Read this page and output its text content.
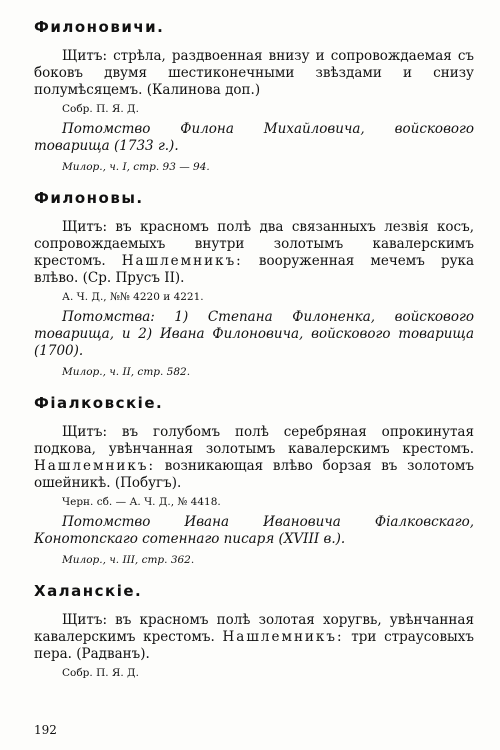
Филоновичи.

Щитъ: стрѣла, раздвоенная внизу и сопровождаемая съ боковъ двумя шестиконечными звѣздами и снизу полумѣсяцемъ. (Калинова доп.)

Собр. П. Я. Д.

Потомство Филона Михайловича, войскового товарища (1733 г.).

Милор., ч. I, стр. 93 — 94.
Филоновы.

Щитъ: въ красномъ полѣ два связанныхъ лезвія косъ, сопровождаемыхъ внутри золотымъ кавалерскимъ крестомъ. Нашлемникъ: вооруженная мечемъ рука влѣво. (Ср. Прусъ II).

А. Ч. Д., №№ 4220 и 4221.

Потомства: 1) Степана Филоненка, войскового товарища, и 2) Ивана Филоновича, войскового товарища (1700).

Милор., ч. II, стр. 582.
Фіалковскіе.

Щитъ: въ голубомъ полѣ серебряная опрокинутая подкова, увѣнчанная золотымъ кавалерскимъ крестомъ. Нашлемникъ: возникающая влѣво борзая въ золотомъ ошейникѣ. (Побугъ).

Черн. сб. — А. Ч. Д., № 4418.

Потомство Ивана Ивановича Фіалковскаго, Конотопскаго сотеннаго писаря (XVIII в.).

Милор., ч. III, стр. 362.
Халанскіе.

Щитъ: въ красномъ полѣ золотая хоругвь, увѣнчанная кавалерскимъ крестомъ. Нашлемникъ: три страусовыхъ пера. (Радванъ).

Собр. П. Я. Д.
192
